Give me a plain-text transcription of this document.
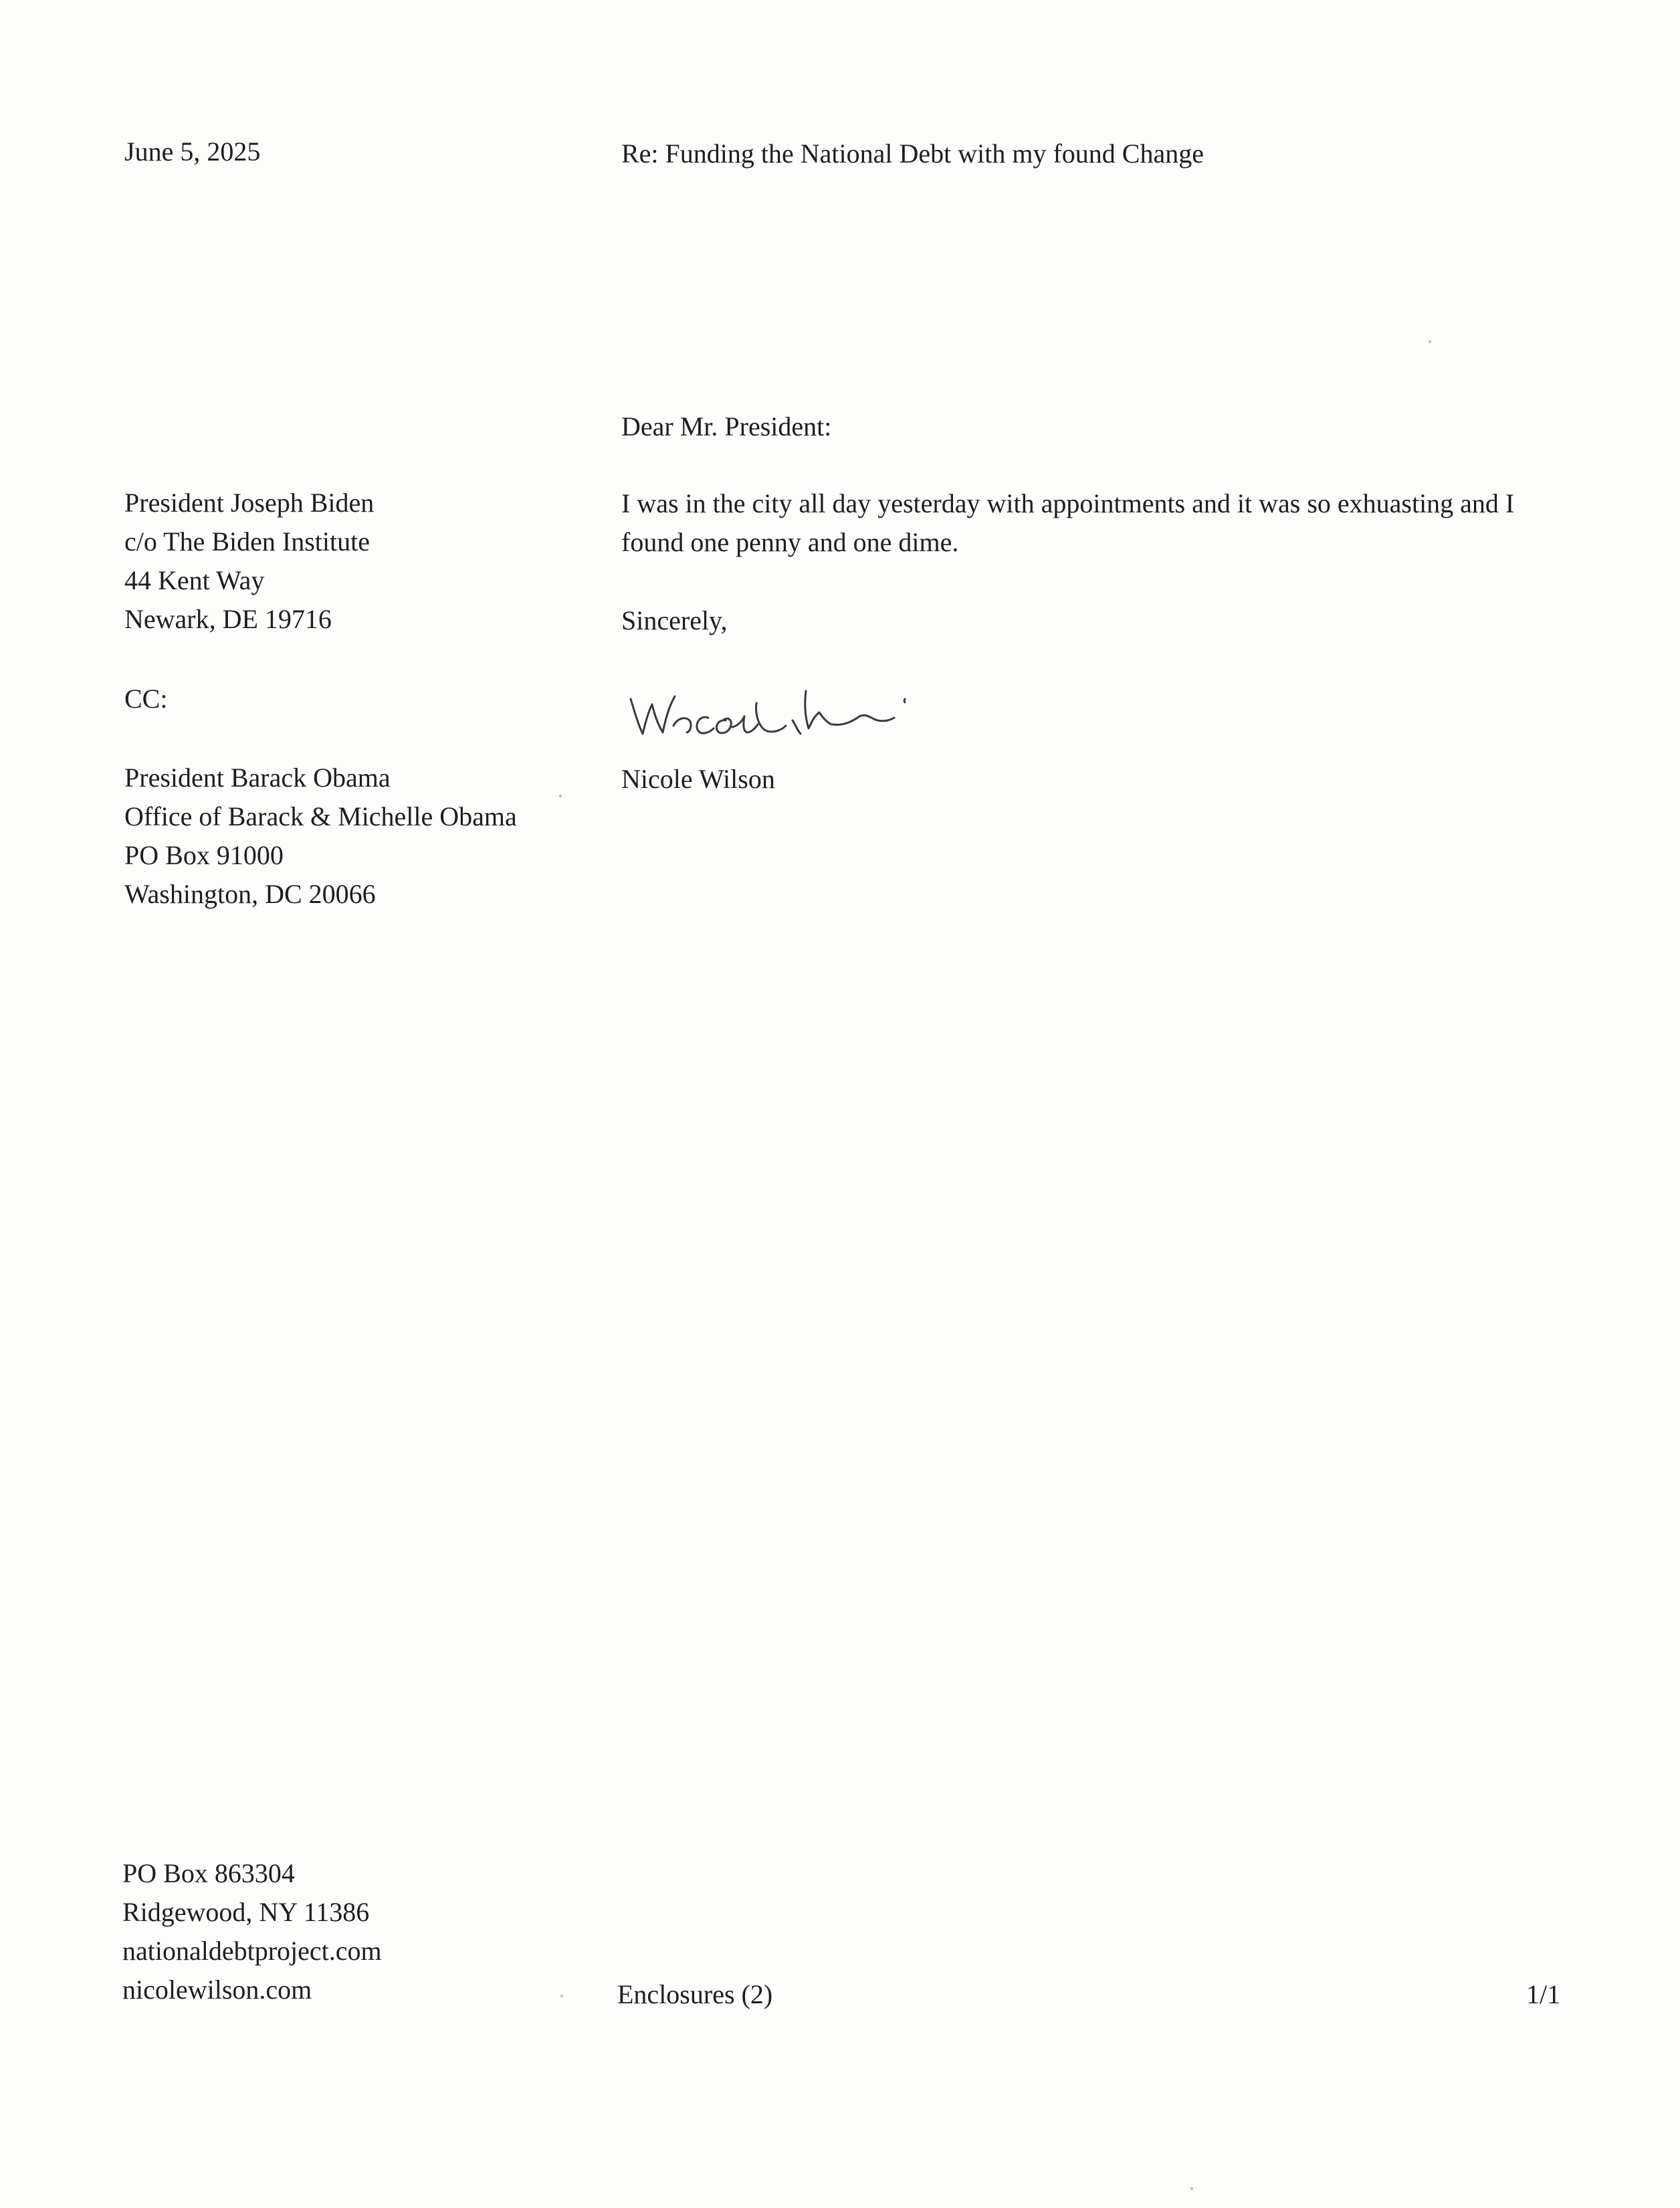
June 5, 2025	Re: Funding the National Debt with my found Change
Dear Mr. President:
President Joseph Biden
c/o The Biden Institute
44 Kent Way
Newark, DE 19716
I was in the city all day yesterday with appointments and it was so exhuasting and I
found one penny and one dime.
Sincerely,
CC:
Nicole Wilson
President Barack Obama
Office of Barack & Michelle Obama
PO Box 91000
Washington, DC 20066
PO Box 863304
Ridgewood, NY 11386
nationaldebtproject.com
nicolewilson.com	Enclosures (2)	1/1
